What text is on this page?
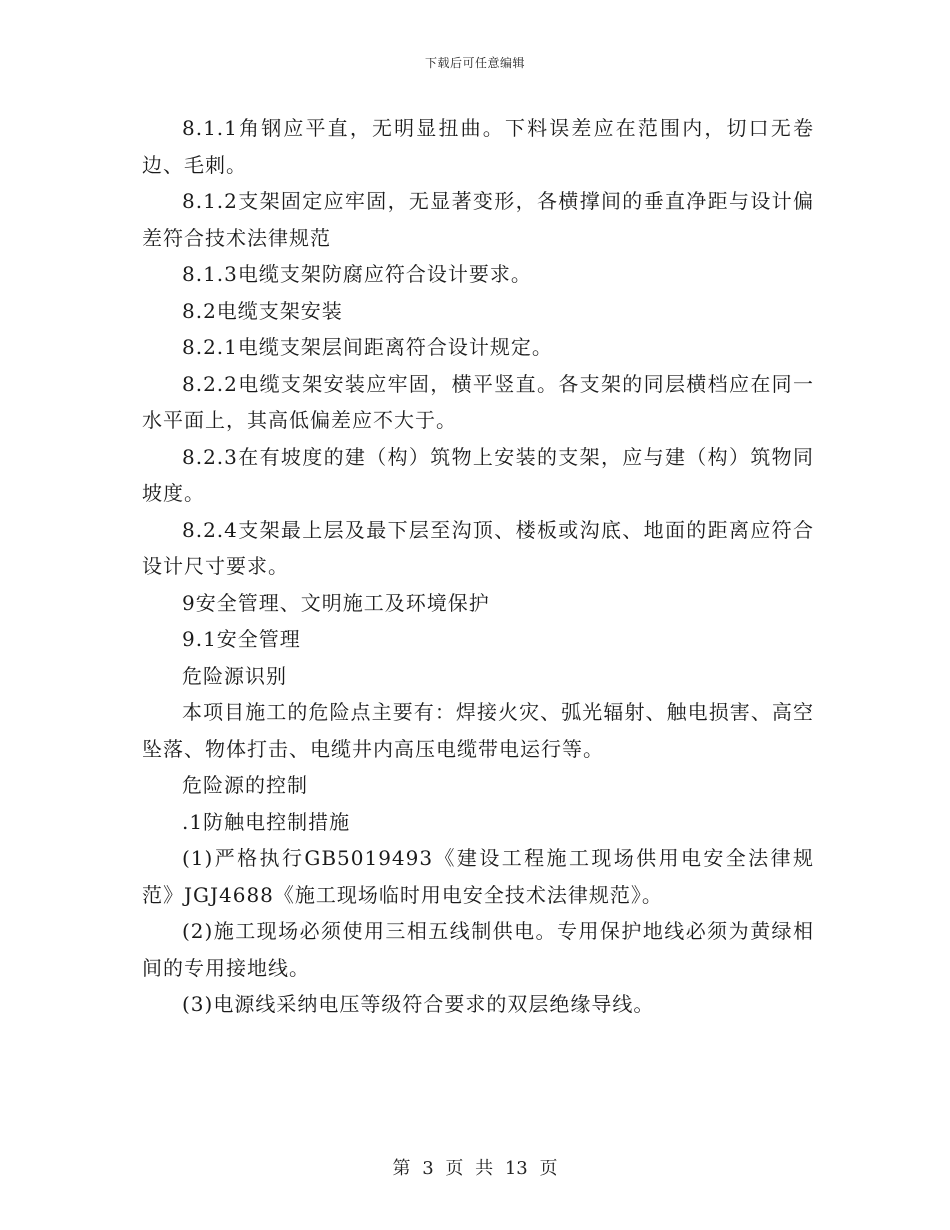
下载后可任意编辑

8.1.1角钢应平直，无明显扭曲。下料误差应在范围内，切口无卷边、毛刺。

8.1.2支架固定应牢固，无显著变形，各横撑间的垂直净距与设计偏差符合技术法律规范

8.1.3电缆支架防腐应符合设计要求。

8.2电缆支架安装

8.2.1电缆支架层间距离符合设计规定。

8.2.2电缆支架安装应牢固，横平竖直。各支架的同层横档应在同一水平面上，其高低偏差应不大于。

8.2.3在有坡度的建（构）筑物上安装的支架，应与建（构）筑物同坡度。

8.2.4支架最上层及最下层至沟顶、楼板或沟底、地面的距离应符合设计尺寸要求。

9安全管理、文明施工及环境保护

9.1安全管理

危险源识别

本项目施工的危险点主要有：焊接火灾、弧光辐射、触电损害、高空坠落、物体打击、电缆井内高压电缆带电运行等。

危险源的控制

.1防触电控制措施

(1)严格执行GB5019493《建设工程施工现场供用电安全法律规范》JGJ4688《施工现场临时用电安全技术法律规范》。

(2)施工现场必须使用三相五线制供电。专用保护地线必须为黄绿相间的专用接地线。

(3)电源线采纳电压等级符合要求的双层绝缘导线。

第 3 页 共 13 页
